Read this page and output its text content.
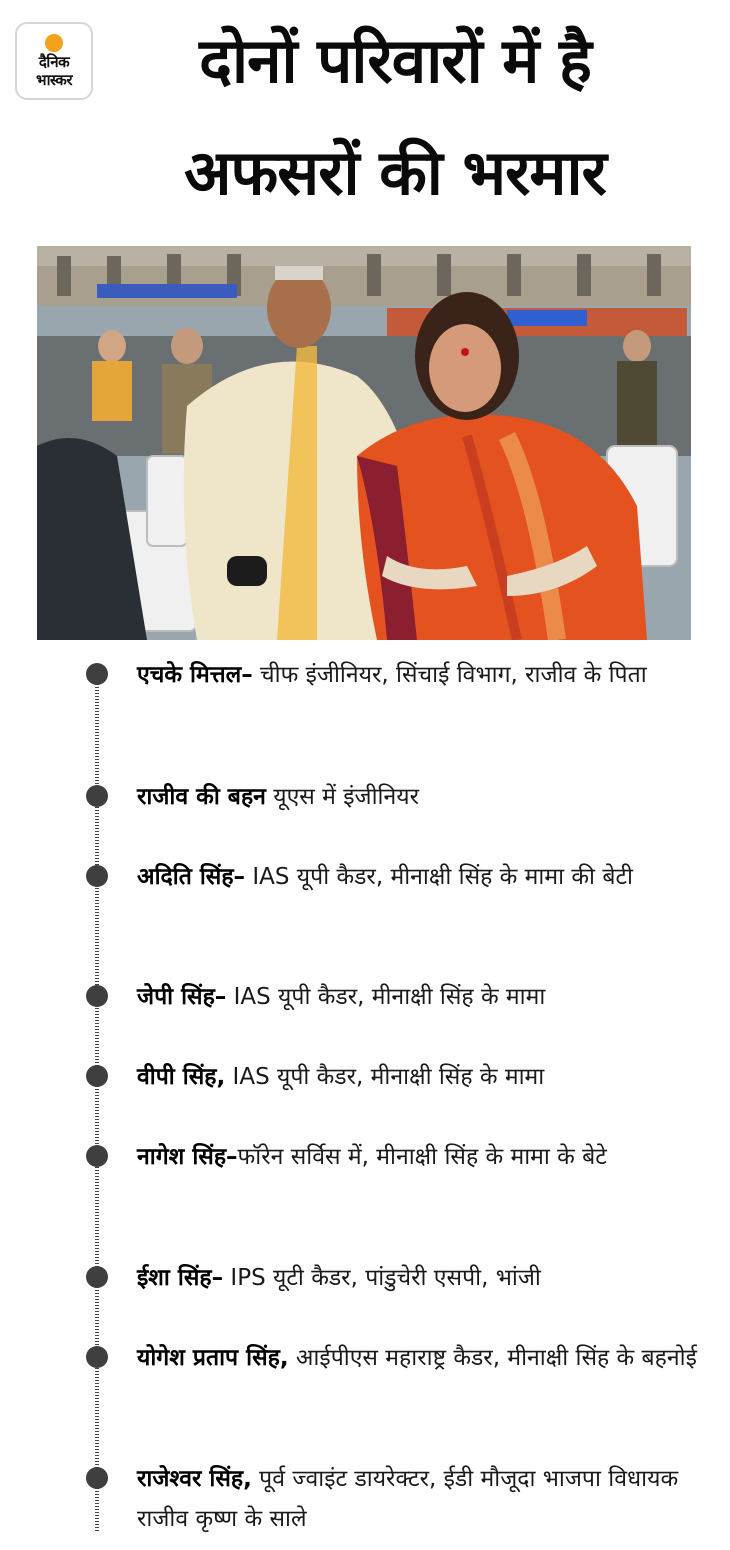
दैनिक
भास्कर	दोनों परिवारों में है
अफसरों की भरमार
एचके मित्तल– चीफ इंजीनियर, सिंचाई विभाग, राजीव के पिता
राजीव की बहन यूएस में इंजीनियर
अदिति सिंह– IAS यूपी कैडर, मीनाक्षी सिंह के मामा की बेटी
जेपी सिंह– IAS यूपी कैडर, मीनाक्षी सिंह के मामा
वीपी सिंह, IAS यूपी कैडर, मीनाक्षी सिंह के मामा
नागेश सिंह–फॉरेन सर्विस में, मीनाक्षी सिंह के मामा के बेटे
ईशा सिंह– IPS यूटी कैडर, पांडुचेरी एसपी, भांजी
योगेश प्रताप सिंह, आईपीएस महाराष्ट्र कैडर, मीनाक्षी सिंह के बहनोई
राजेश्वर सिंह, पूर्व ज्वाइंट डायरेक्टर, ईडी मौजूदा भाजपा विधायक राजीव कृष्ण के साले
